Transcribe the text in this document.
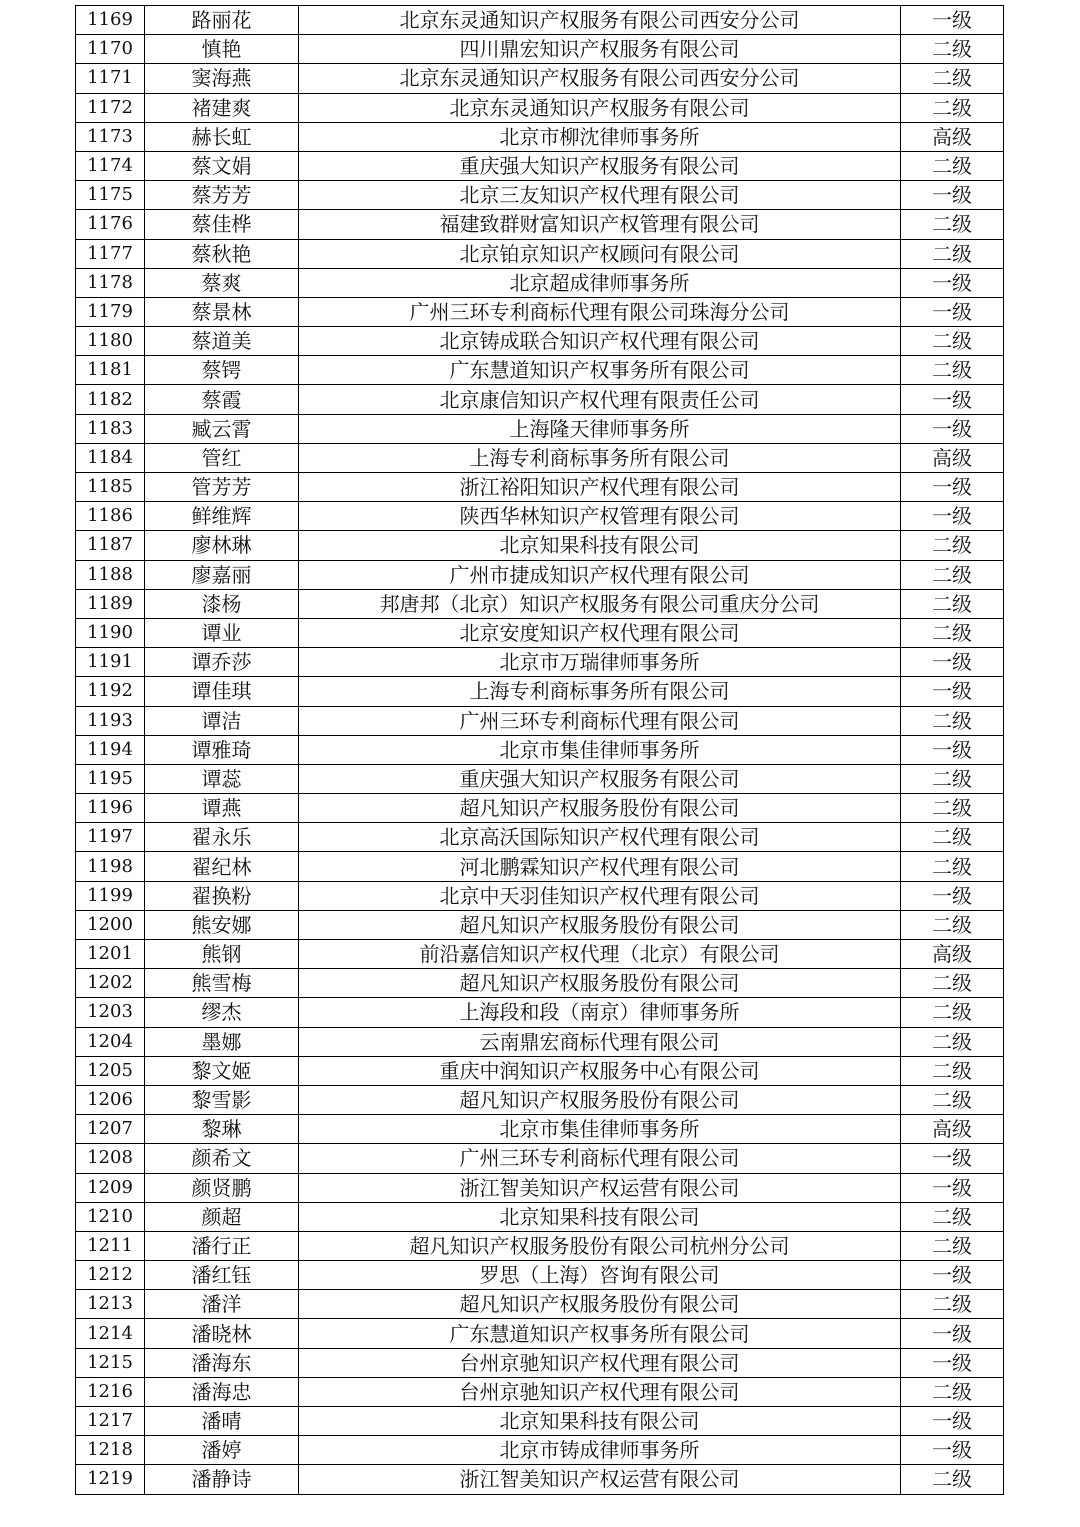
1169	路丽花	北京东灵通知识产权服务有限公司西安分公司	一级
1170	慎艳	四川鼎宏知识产权服务有限公司	二级
1171	窦海燕	北京东灵通知识产权服务有限公司西安分公司	二级
1172	褚建爽	北京东灵通知识产权服务有限公司	二级
1173	赫长虹	北京市柳沈律师事务所	高级
1174	蔡文娟	重庆强大知识产权服务有限公司	二级
1175	蔡芳芳	北京三友知识产权代理有限公司	一级
1176	蔡佳桦	福建致群财富知识产权管理有限公司	二级
1177	蔡秋艳	北京铂京知识产权顾问有限公司	二级
1178	蔡爽	北京超成律师事务所	一级
1179	蔡景林	广州三环专利商标代理有限公司珠海分公司	一级
1180	蔡道美	北京铸成联合知识产权代理有限公司	二级
1181	蔡锷	广东慧道知识产权事务所有限公司	二级
1182	蔡霞	北京康信知识产权代理有限责任公司	一级
1183	臧云霄	上海隆天律师事务所	一级
1184	管红	上海专利商标事务所有限公司	高级
1185	管芳芳	浙江裕阳知识产权代理有限公司	一级
1186	鲜维辉	陕西华林知识产权管理有限公司	一级
1187	廖林琳	北京知果科技有限公司	二级
1188	廖嘉丽	广州市捷成知识产权代理有限公司	二级
1189	漆杨	邦唐邦（北京）知识产权服务有限公司重庆分公司	二级
1190	谭业	北京安度知识产权代理有限公司	二级
1191	谭乔莎	北京市万瑞律师事务所	一级
1192	谭佳琪	上海专利商标事务所有限公司	一级
1193	谭洁	广州三环专利商标代理有限公司	二级
1194	谭雅琦	北京市集佳律师事务所	一级
1195	谭蕊	重庆强大知识产权服务有限公司	二级
1196	谭燕	超凡知识产权服务股份有限公司	二级
1197	翟永乐	北京高沃国际知识产权代理有限公司	二级
1198	翟纪林	河北鹏霖知识产权代理有限公司	二级
1199	翟换粉	北京中天羽佳知识产权代理有限公司	一级
1200	熊安娜	超凡知识产权服务股份有限公司	二级
1201	熊钢	前沿嘉信知识产权代理（北京）有限公司	高级
1202	熊雪梅	超凡知识产权服务股份有限公司	二级
1203	缪杰	上海段和段（南京）律师事务所	二级
1204	墨娜	云南鼎宏商标代理有限公司	二级
1205	黎文姬	重庆中润知识产权服务中心有限公司	二级
1206	黎雪影	超凡知识产权服务股份有限公司	二级
1207	黎琳	北京市集佳律师事务所	高级
1208	颜希文	广州三环专利商标代理有限公司	一级
1209	颜贤鹏	浙江智美知识产权运营有限公司	一级
1210	颜超	北京知果科技有限公司	二级
1211	潘行正	超凡知识产权服务股份有限公司杭州分公司	二级
1212	潘红钰	罗思（上海）咨询有限公司	一级
1213	潘洋	超凡知识产权服务股份有限公司	二级
1214	潘晓林	广东慧道知识产权事务所有限公司	一级
1215	潘海东	台州京驰知识产权代理有限公司	一级
1216	潘海忠	台州京驰知识产权代理有限公司	二级
1217	潘晴	北京知果科技有限公司	一级
1218	潘婷	北京市铸成律师事务所	一级
1219	潘静诗	浙江智美知识产权运营有限公司	二级
